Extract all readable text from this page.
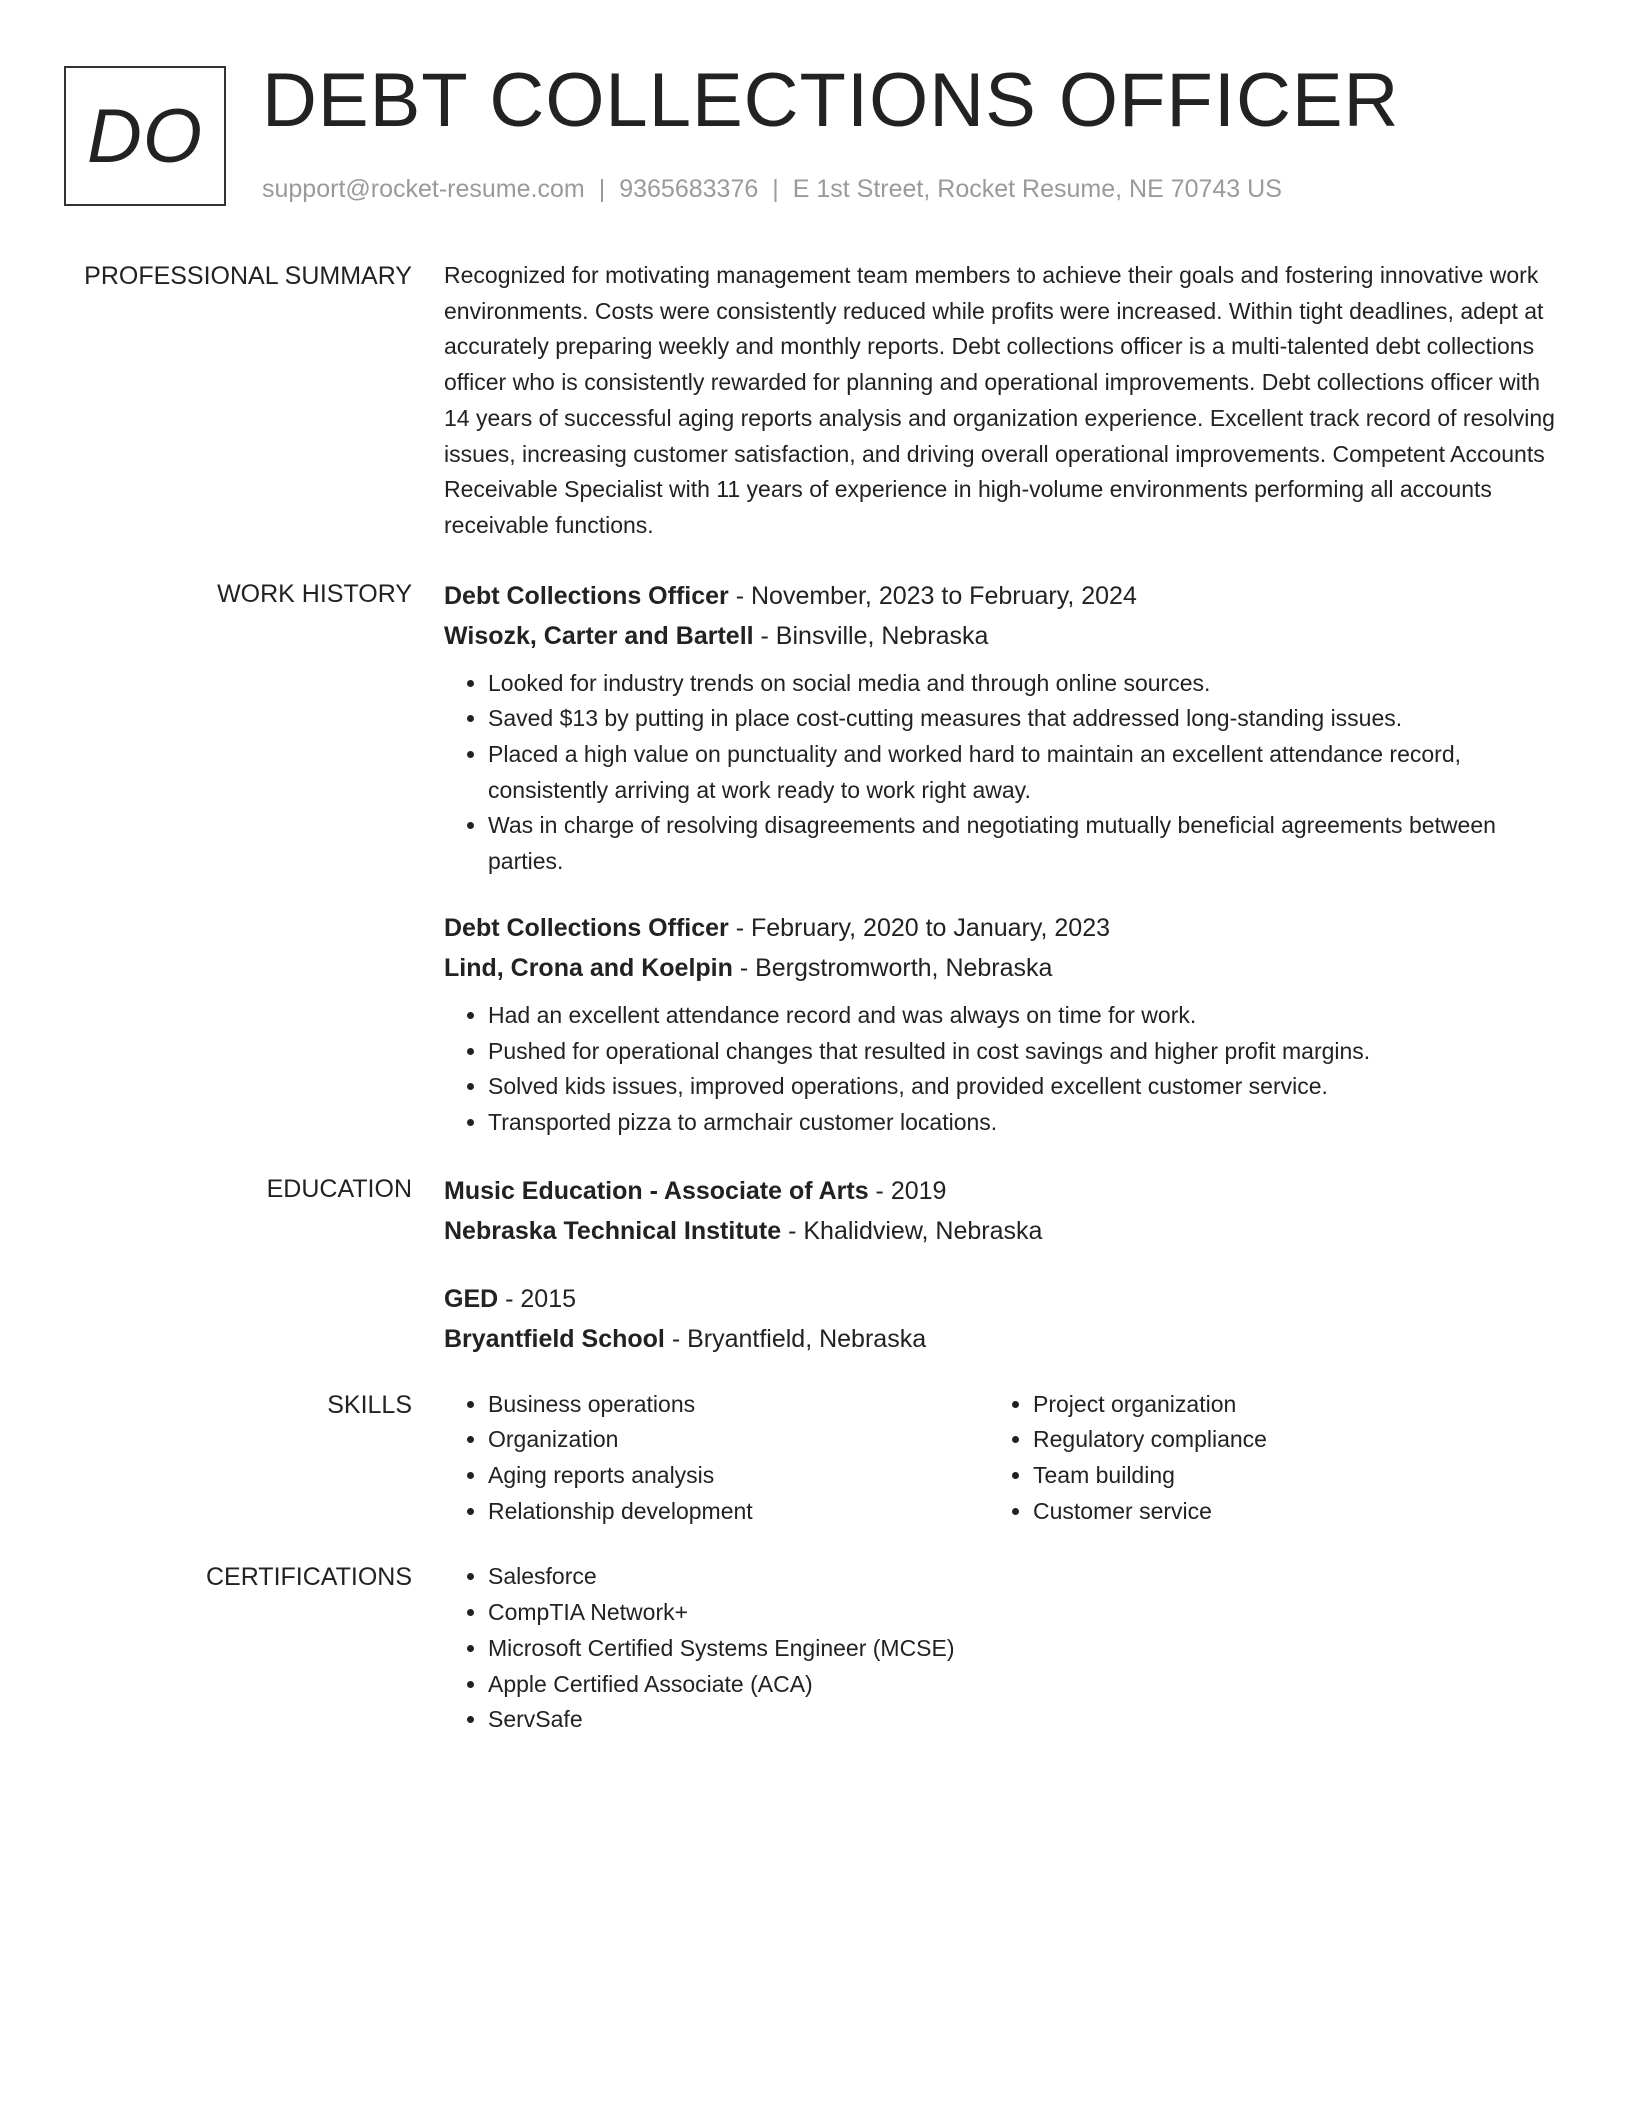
DO DEBT COLLECTIONS OFFICER
support@rocket-resume.com | 9365683376 | E 1st Street, Rocket Resume, NE 70743 US
PROFESSIONAL SUMMARY Recognized for motivating management team members to achieve their goals and fostering innovative work environments. Costs were consistently reduced while profits were increased. Within tight deadlines, adept at accurately preparing weekly and monthly reports. Debt collections officer is a multi-talented debt collections officer who is consistently rewarded for planning and operational improvements. Debt collections officer with 14 years of successful aging reports analysis and organization experience. Excellent track record of resolving issues, increasing customer satisfaction, and driving overall operational improvements. Competent Accounts Receivable Specialist with 11 years of experience in high-volume environments performing all accounts receivable functions.

WORK HISTORY Debt Collections Officer - November, 2023 to February, 2024
Wisozk, Carter and Bartell - Binsville, Nebraska
• Looked for industry trends on social media and through online sources.
• Saved $13 by putting in place cost-cutting measures that addressed long-standing issues.
• Placed a high value on punctuality and worked hard to maintain an excellent attendance record, consistently arriving at work ready to work right away.
• Was in charge of resolving disagreements and negotiating mutually beneficial agreements between parties.
Debt Collections Officer - February, 2020 to January, 2023
Lind, Crona and Koelpin - Bergstromworth, Nebraska
• Had an excellent attendance record and was always on time for work.
• Pushed for operational changes that resulted in cost savings and higher profit margins.
• Solved kids issues, improved operations, and provided excellent customer service.
• Transported pizza to armchair customer locations.
EDUCATION Music Education - Associate of Arts - 2019
Nebraska Technical Institute - Khalidview, Nebraska
GED - 2015
Bryantfield School - Bryantfield, Nebraska
SKILLS	• Business operations
• Organization
• Aging reports analysis
• Relationship development
• Project organization
• Regulatory compliance
• Team building
• Customer service
CERTIFICATIONS	• Salesforce
• CompTIA Network+
• Microsoft Certified Systems Engineer (MCSE)
• Apple Certified Associate (ACA)
• ServSafe
